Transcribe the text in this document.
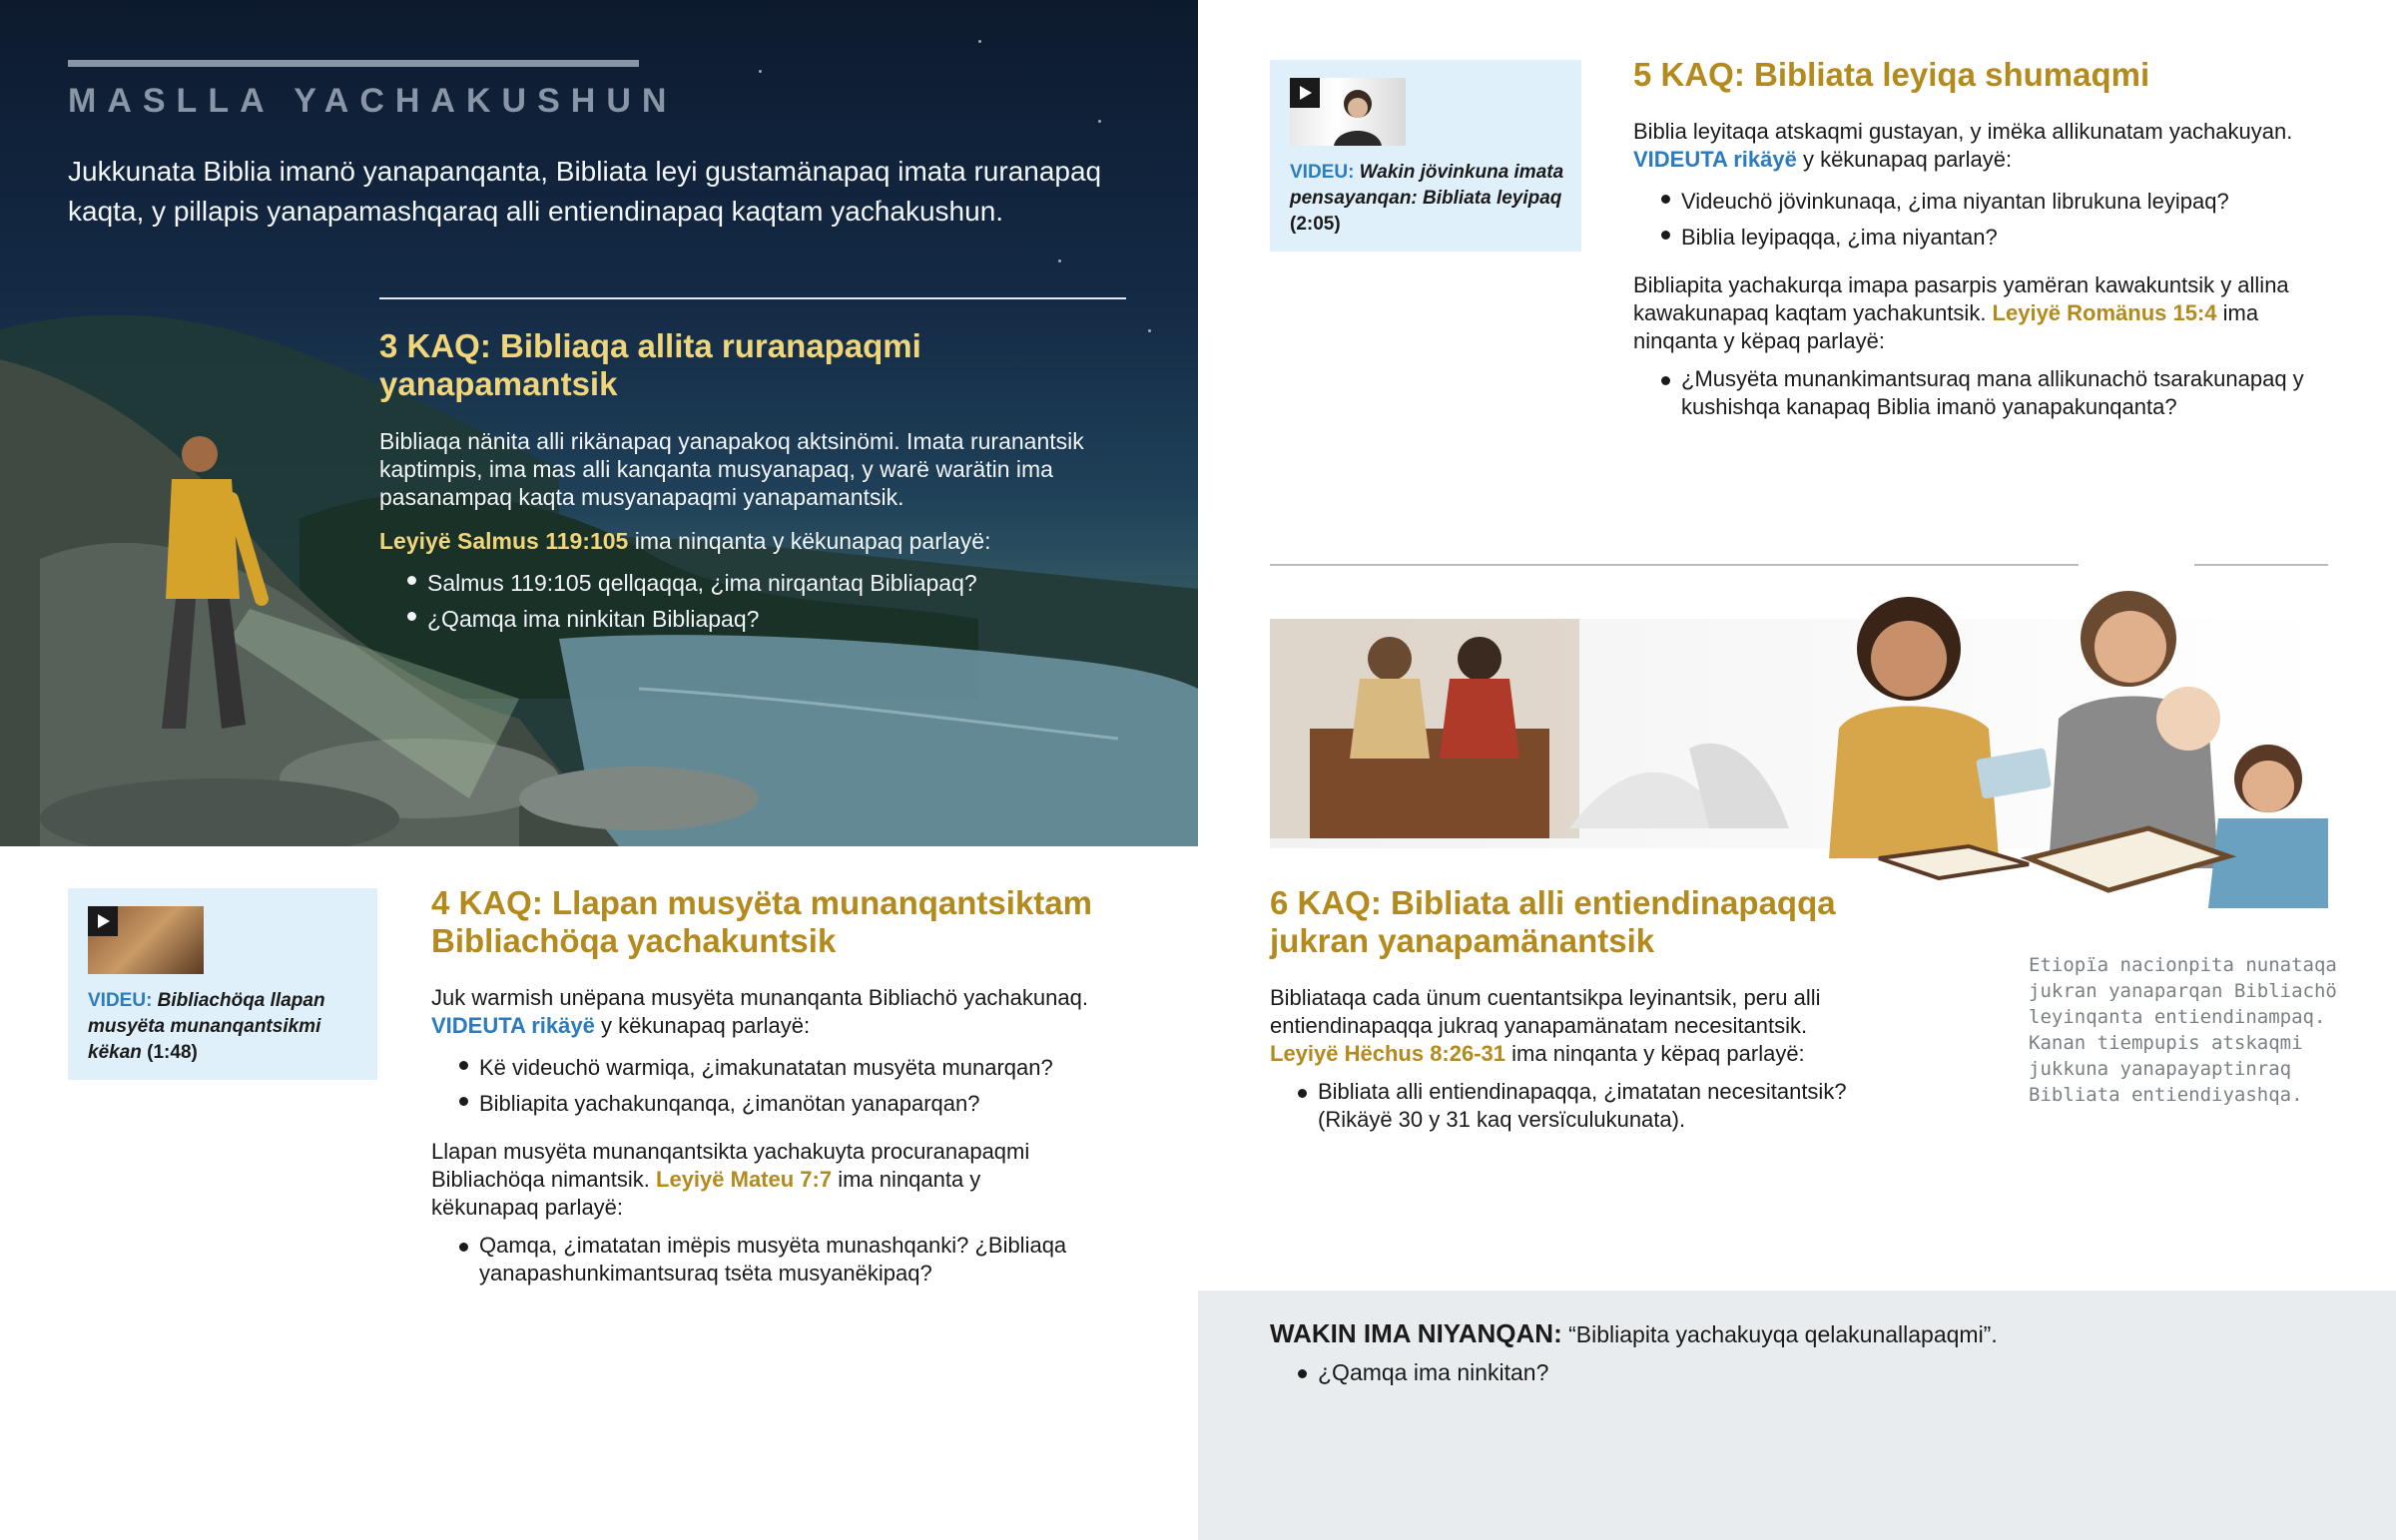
MASLLA YACHAKUSHUN
Jukkunata Biblia imanö yanapanqanta, Bibliata leyi gustamänapaq imata ruranapaq kaqta, y pillapis yanapamashqaraq alli entiendinapaq kaqtam yachakushun.
3 KAQ: Bibliaqa allita ruranapaqmi yanapamantsik
Bibliaqa nänita alli rikänapaq yanapakoq aktsinömi. Imata ruranantsik kaptimpis, ima mas alli kanqanta musyanapaq, y warë warätin ima pasanampaq kaqta musyanapaqmi yanapamantsik.
Leyiyë Salmus 119:105 ima ninqanta y këkunapaq parlayë:
Salmus 119:105 qellqaqqa, ¿ima nirqantaq Bibliapaq?
¿Qamqa ima ninkitan Bibliapaq?
VIDEU: Bibliachöqa llapan musyëta munanqantsikmi këkan (1:48)
4 KAQ: Llapan musyëta munanqantsiktam Bibliachöqa yachakuntsik
Juk warmish unëpana musyëta munanqanta Bibliachö yachakunaq.
VIDEUTA rikäyë y këkunapaq parlayë:
Kë videuchö warmiqa, ¿imakunatatan musyëta munarqan?
Bibliapita yachakunqanqa, ¿imanötan yanaparqan?
Llapan musyëta munanqantsikta yachakuyta procuranapaqmi Bibliachöqa nimantsik. Leyiyë Mateu 7:7 ima ninqanta y këkunapaq parlayë:
Qamqa, ¿imatatan imëpis musyëta munashqanki? ¿Bibliaqa yanapashunkimantsuraq tsëta musyanëkipaq?
VIDEU: Wakin jövinkuna imata pensayanqan: Bibliata leyipaq (2:05)
5 KAQ: Bibliata leyiqa shumaqmi
Biblia leyitaqa atskaqmi gustayan, y imëka allikunatam yachakuyan.
VIDEUTA rikäyë y këkunapaq parlayë:
Videuchö jövinkunaqa, ¿ima niyantan librukuna leyipaq?
Biblia leyipaqqa, ¿ima niyantan?
Bibliapita yachakurqa imapa pasarpis yamëran kawakuntsik y allina kawakunapaq kaqtam yachakuntsik. Leyiyë Romänus 15:4 ima ninqanta y këpaq parlayë:
¿Musyëta munankimantsuraq mana allikunachö tsarakunapaq y kushishqa kanapaq Biblia imanö yanapakunqanta?
6 KAQ: Bibliata alli entiendinapaqqa jukran yanapamänantsik
Bibliataqa cada ünum cuentantsikpa leyinantsik, peru alli entiendinapaqqa jukraq yanapamänatam necesitantsik.
Leyiyë Hëchus 8:26-31 ima ninqanta y këpaq parlayë:
Bibliata alli entiendinapaqqa, ¿imatatan necesitantsik? (Rikäyë 30 y 31 kaq versïculukunata).
Etiopïa nacionpita nunataqa jukran yanaparqan Bibliachö leyinqanta entiendinampaq. Kanan tiempupis atskaqmi jukkuna yanapayaptinraq Bibliata entiendiyashqa.
WAKIN IMA NIYANQAN: “Bibliapita yachakuyqa qelakunallapaqmi”.
¿Qamqa ima ninkitan?
